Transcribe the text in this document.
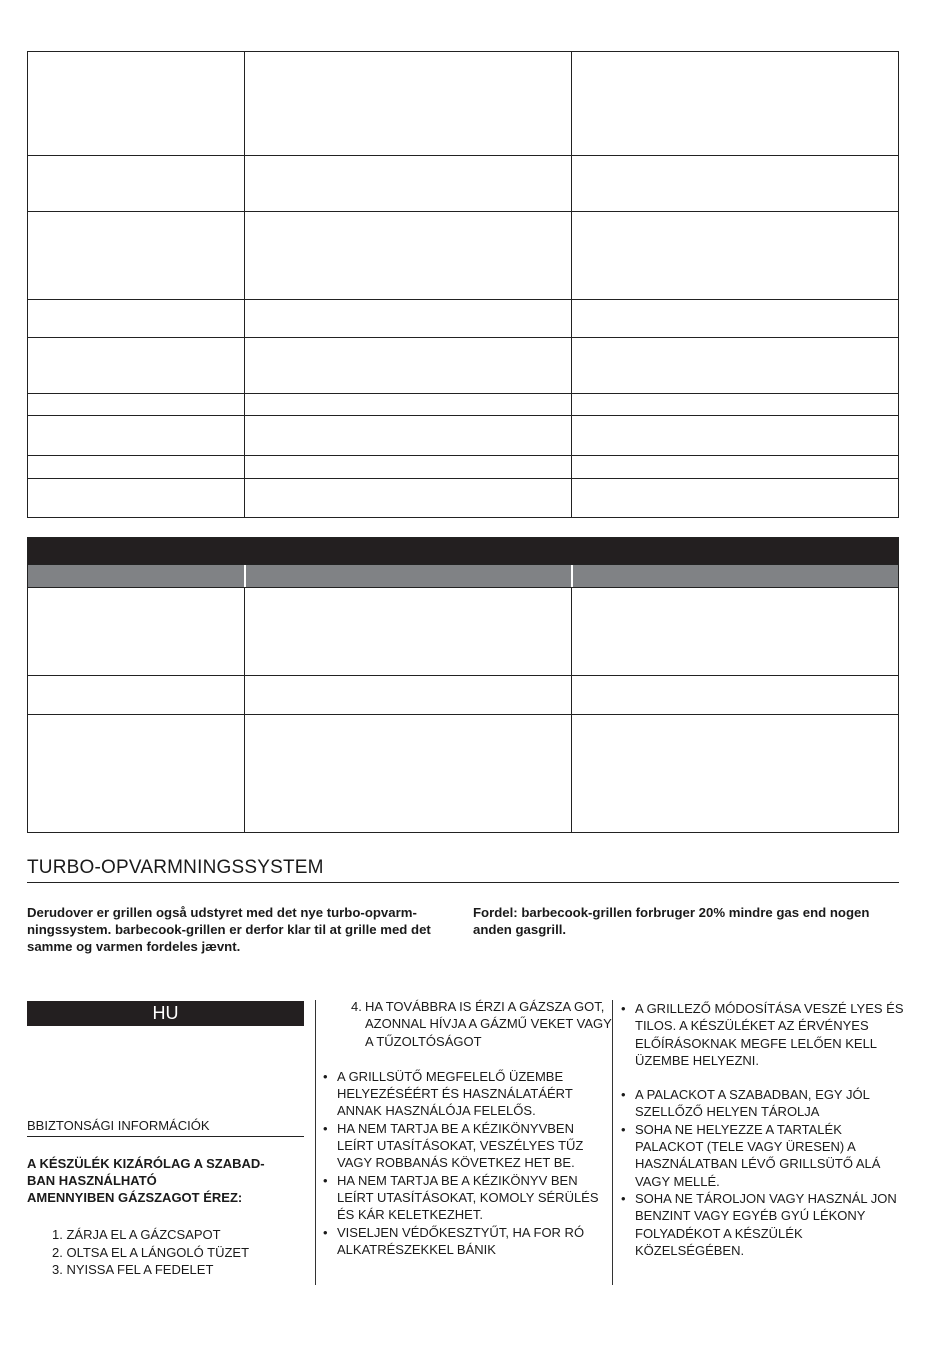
TURBO-OPVARMNINGSSYSTEM
Derudover er grillen også udstyret med det nye turbo-opvarm-ningssystem. barbecook-grillen er derfor klar til at grille med det samme og varmen fordeles jævnt.
Fordel: barbecook-grillen forbruger 20% mindre gas end nogen anden gasgrill.
HU
BBIZTONSÁGI INFORMÁCIÓK
A KÉSZÜLÉK KIZÁRÓLAG A SZABAD-
BAN HASZNÁLHATÓ
AMENNYIBEN GÁZSZAGOT ÉREZ:
1. ZÁRJA EL A GÁZCSAPOT
2. OLTSA EL A LÁNGOLÓ TÜZET
3. NYISSA FEL A FEDELET
4. HA TOVÁBBRA IS ÉRZI A GÁZSZA GOT, AZONNAL HÍVJA A GÁZMŰ VEKET VAGY A TŰZOLTÓSÁGOT
• A GRILLSÜTŐ MEGFELELŐ ÜZEMBE HELYEZÉSÉÉRT ÉS HASZNÁLATÁÉRT ANNAK HASZNÁLÓJA FELELŐS.
• HA NEM TARTJA BE A KÉZIKÖNYVBEN LEÍRT UTASÍTÁSOKAT, VESZÉLYES TŰZ VAGY ROBBANÁS KÖVETKEZ HET BE.
• HA NEM TARTJA BE A KÉZIKÖNYV BEN LEÍRT UTASÍTÁSOKAT, KOMOLY SÉRÜLÉS ÉS KÁR KELETKEZHET.
• VISELJEN VÉDŐKESZTYŰT, HA FOR RÓ ALKATRÉSZEKKEL BÁNIK
• A GRILLEZŐ MÓDOSÍTÁSA VESZÉ LYES ÉS TILOS. A KÉSZÜLÉKET AZ ÉRVÉNYES ELŐÍRÁSOKNAK MEGFE LELŐEN KELL ÜZEMBE HELYEZNI.
• A PALACKOT A SZABADBAN, EGY JÓL SZELLŐZŐ HELYEN TÁROLJA
• SOHA NE HELYEZZE A TARTALÉK PALACKOT (TELE VAGY ÜRESEN) A HASZNÁLATBAN LÉVŐ GRILLSÜTŐ ALÁ VAGY MELLÉ.
• SOHA NE TÁROLJON VAGY HASZNÁL JON BENZINT VAGY EGYÉB GYÚ LÉKONY FOLYADÉKOT A KÉSZÜLÉK KÖZELSÉGÉBEN.
